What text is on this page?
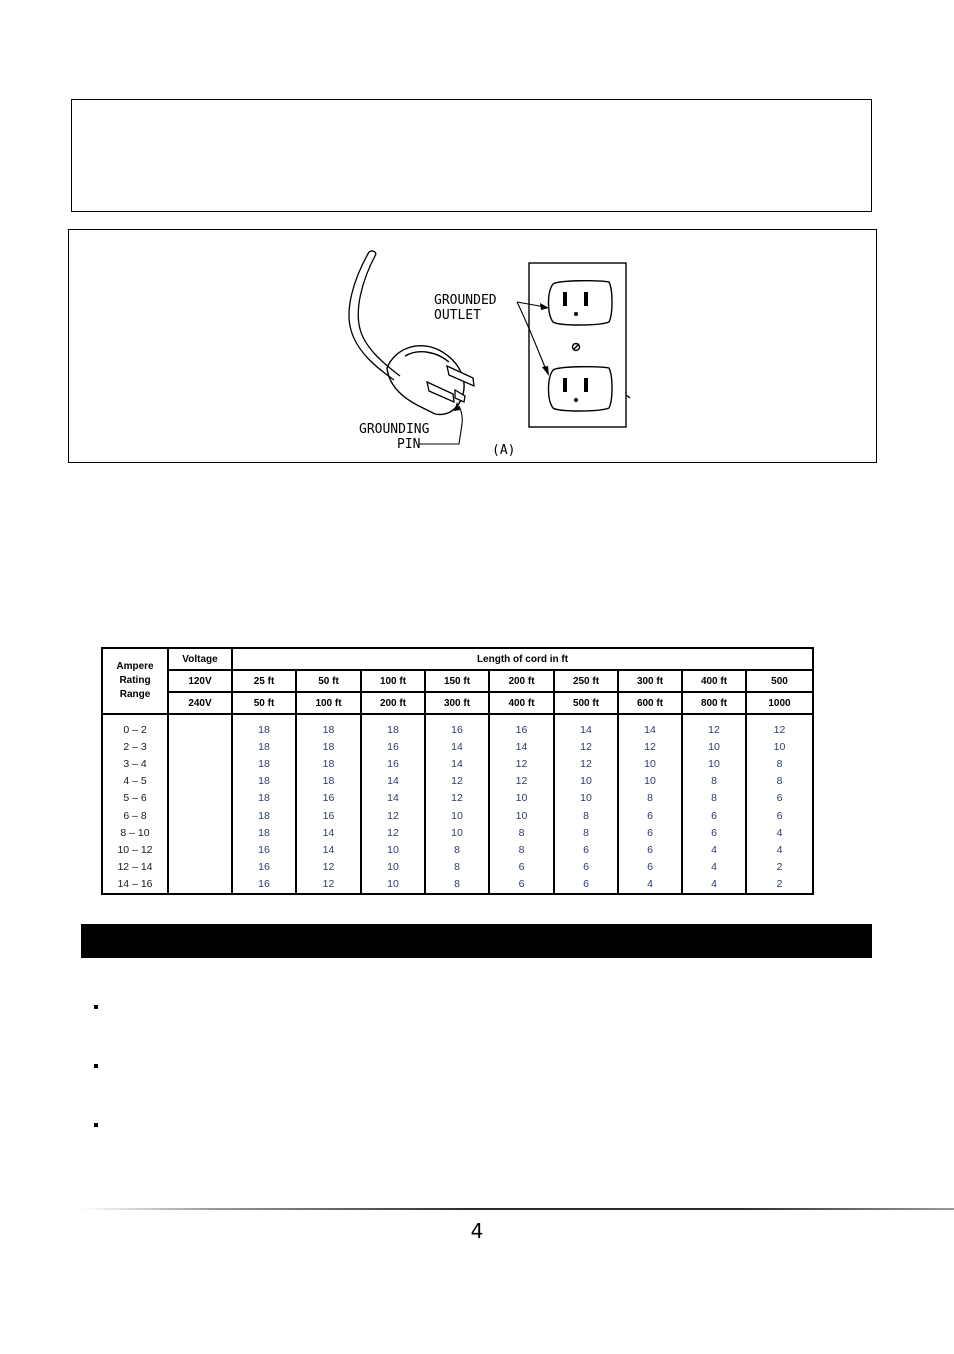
GROUNDED
OUTLET
GROUNDING
PIN	(A)
Ampere
Rating
Range	Voltage	Length of cord in ft								
	120V	25 ft	50 ft	100 ft	150 ft	200 ft	250 ft	300 ft	400 ft	500
	240V	50 ft	100 ft	200 ft	300 ft	400 ft	500 ft	600 ft	800 ft	1000
0 – 2		18	18	18	16	16	14	14	12	12
2 – 3		18	18	16	14	14	12	12	10	10
3 – 4		18	18	16	14	12	12	10	10	8
4 – 5		18	18	14	12	12	10	10	8	8
5 – 6		18	16	14	12	10	10	8	8	6
6 – 8		18	16	12	10	10	8	6	6	6
8 – 10		18	14	12	10	8	8	6	6	4
10 – 12		16	14	10	8	8	6	6	4	4
12 – 14		16	12	10	8	6	6	6	4	2
14 – 16		16	12	10	8	6	6	4	4	2
4
